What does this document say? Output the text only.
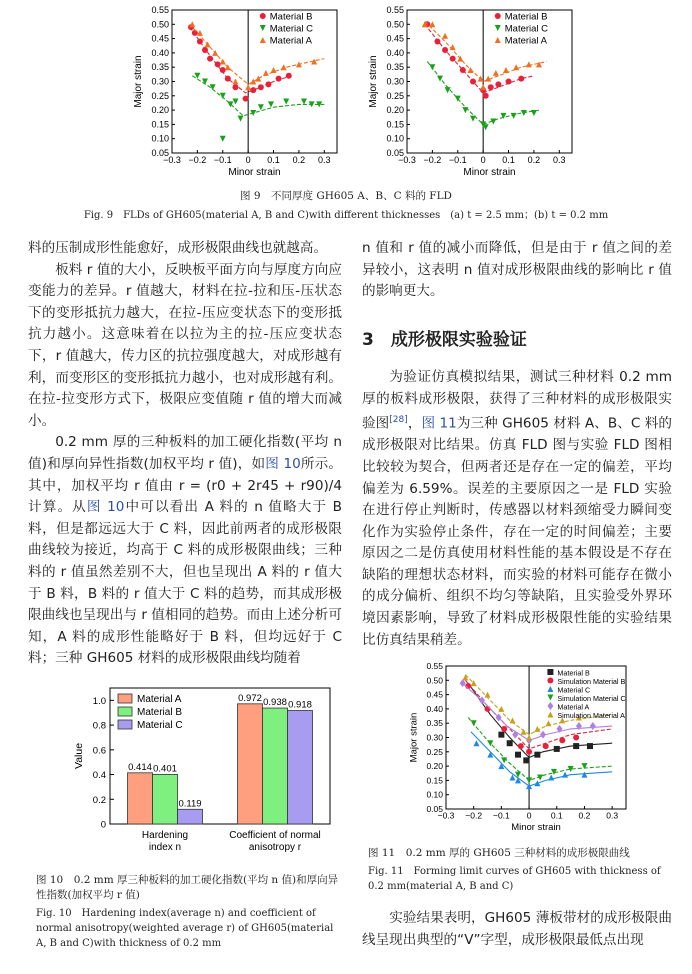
0.05
0.10
0.15
0.20
0.25
0.30
0.35
0.40
0.45
0.50
0.55
−0.3 −0.2 −0.1 0 0.1 0.2 0.3
Minor strain
Major strain
Material B
Material C
Material A
0.05
0.10
0.15
0.20
0.25
0.30
0.35
0.40
0.45
0.50
0.55
−0.3 −0.2 −0.1 0 0.1 0.2 0.3
Minor strain
Major strain
Material B
Material C
Material A
图 9　不同厚度 GH605 A、B、C 料的 FLD
Fig. 9　FLDs of GH605(material A, B and C)with different thicknesses　(a) t = 2.5 mm；(b) t = 0.2 mm

料的压制成形性能愈好，成形极限曲线也就越高。

板料 r 值的大小，反映板平面方向与厚度方向应变能力的差异。r 值越大，材料在拉-拉和压-压状态下的变形抵抗力越大，在拉-压应变状态下的变形抵抗力越小。这意味着在以拉为主的拉-压应变状态下，r 值越大，传力区的抗拉强度越大，对成形越有利，而变形区的变形抵抗力越小，也对成形越有利。在拉-拉变形方式下，极限应变值随 r 值的增大而减小。

0.2 mm 厚的三种板料的加工硬化指数(平均 n 值)和厚向异性指数(加权平均 r 值)，如图 10所示。其中，加权平均 r 值由 r = (r0 + 2r45 + r90)/4 计算。从图 10中可以看出 A 料的 n 值略大于 B 料，但是都远远大于 C 料，因此前两者的成形极限曲线较为接近，均高于 C 料的成形极限曲线；三种料的 r 值虽然差别不大，但也呈现出 A 料的 r 值大于 B 料，B 料的 r 值大于 C 料的趋势，而其成形极限曲线也呈现出与 r 值相同的趋势。而由上述分析可知，A 料的成形性能略好于 B 料，但均远好于 C 料；三种 GH605 材料的成形极限曲线均随着

n 值和 r 值的减小而降低，但是由于 r 值之间的差异较小，这表明 n 值对成形极限曲线的影响比 r 值的影响更大。

3　成形极限实验验证

为验证仿真模拟结果，测试三种材料 0.2 mm 厚的板料成形极限，获得了三种材料的成形极限实验图[28]，图 11为三种 GH605 材料 A、B、C 料的成形极限对比结果。仿真 FLD 图与实验 FLD 图相比较较为契合，但两者还是存在一定的偏差，平均偏差为 6.59%。误差的主要原因之一是 FLD 实验在进行停止判断时，传感器以材料颈缩受力瞬间变化作为实验停止条件，存在一定的时间偏差；主要原因之二是仿真使用材料性能的基本假设是不存在缺陷的理想状态材料，而实验的材料可能存在微小的成分偏析、组织不均匀等缺陷，且实验受外界环境因素影响，导致了材料成形极限性能的实验结果比仿真结果稍差。

0
0.2
0.4
0.6
0.8
1.0
Value	0.414 0.401
0.119
Hardening
index n
0.972 0.938 0.918
Coefficient of normal
anisotropy r
Material A
Material B
Material C
图 10　0.2 mm 厚三种板料的加工硬化指数(平均 n 值)和厚向异性指数(加权平均 r 值)
Fig. 10　Hardening index(average n) and coefficient of normal anisotropy(weighted average r) of GH605(material A, B and C)with thickness of 0.2 mm
0.05
0.10
0.15
0.20
0.25
0.30
0.35
0.40
0.45
0.50
0.55
−0.3 −0.2 −0.1 0 0.1 0.2 0.3
Minor strain
Major strain
Material B
Simulation Material B
Material C
Simulation Material C
Material A
Simulation Material A
图 11　0.2 mm 厚的 GH605 三种材料的成形极限曲线
Fig. 11　Forming limit curves of GH605 with thickness of 0.2 mm(material A, B and C)

实验结果表明，GH605 薄板带材的成形极限曲线呈现出典型的“V”字型，成形极限最低点出现
